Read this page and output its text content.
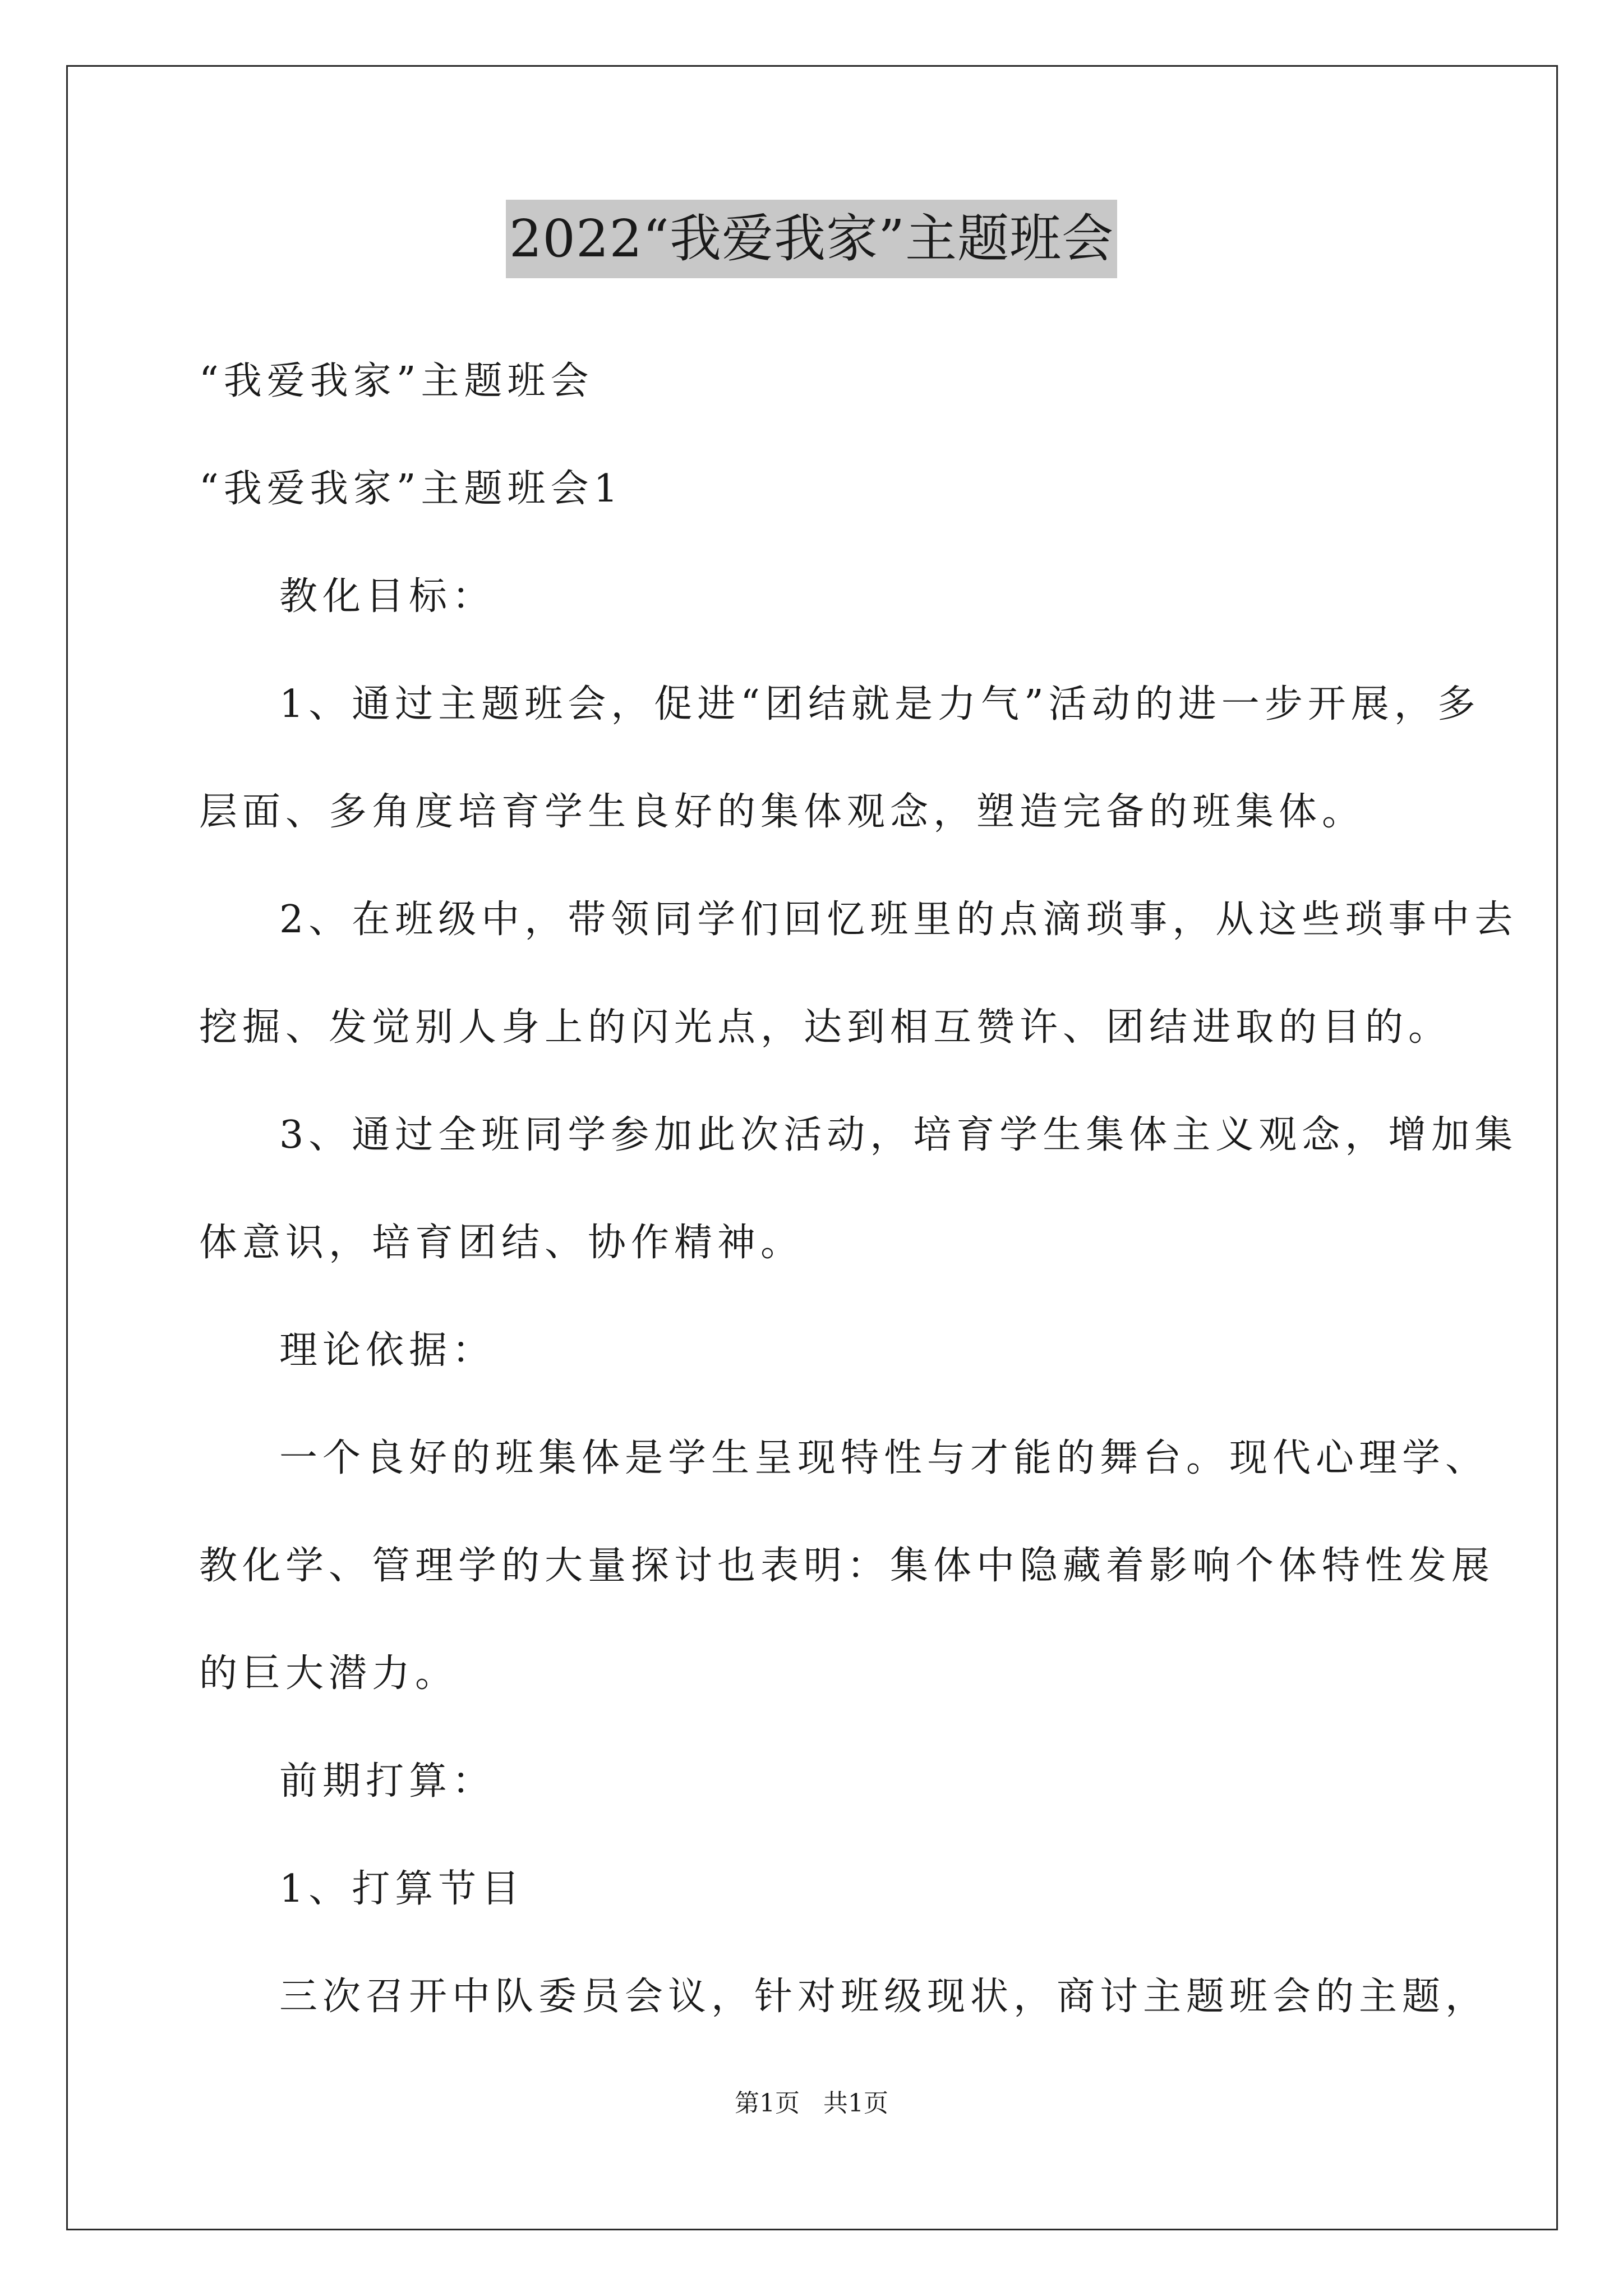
2022“我爱我家”主题班会
“我爱我家”主题班会
“我爱我家”主题班会1
教化目标：
1、通过主题班会，促进“团结就是力气”活动的进一步开展，多
层面、多角度培育学生良好的集体观念，塑造完备的班集体。
2、在班级中，带领同学们回忆班里的点滴琐事，从这些琐事中去
挖掘、发觉别人身上的闪光点，达到相互赞许、团结进取的目的。
3、通过全班同学参加此次活动，培育学生集体主义观念，增加集
体意识，培育团结、协作精神。
理论依据：
一个良好的班集体是学生呈现特性与才能的舞台。现代心理学、
教化学、管理学的大量探讨也表明：集体中隐藏着影响个体特性发展
的巨大潜力。
前期打算：
1、打算节目
三次召开中队委员会议，针对班级现状，商讨主题班会的主题，
第1页 共1页
